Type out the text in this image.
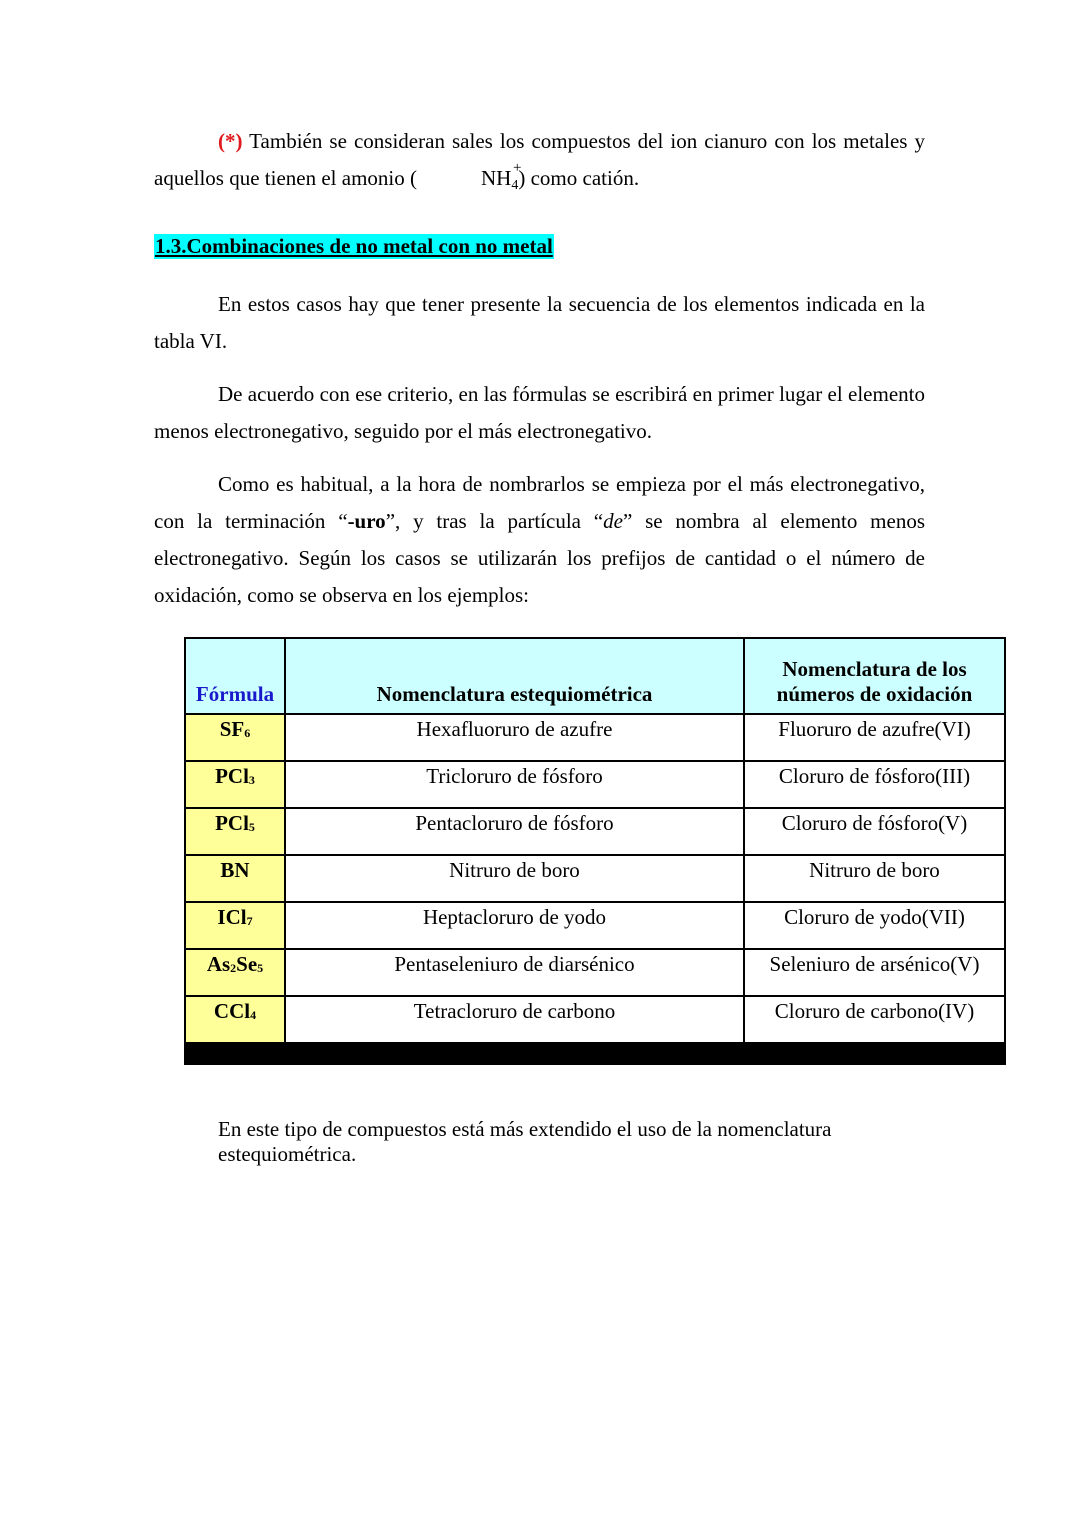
(*) También se consideran sales los compuestos del ion cianuro con los metales y aquellos que tienen el amonio (	$NH_4$
+
) como catión.
1.3.Combinaciones de no metal con no metal
En estos casos hay que tener presente la secuencia de los elementos indicada en la tabla VI.
De acuerdo con ese criterio, en las fórmulas se escribirá en primer lugar el elemento menos electronegativo, seguido por el más electronegativo.
Como es habitual, a la hora de nombrarlos se empieza por el más electronegativo, con la terminación “-uro”, y tras la partícula “de” se nombra al elemento menos electronegativo. Según los casos se utilizarán los prefijos de cantidad o el número de oxidación, como se observa en los ejemplos:
Fórmula	Nomenclatura estequiométrica	Nomenclatura de los números de oxidación
$SF_6$	Hexafluoruro de azufre	Fluoruro de azufre(VI)
PCl$_3$	Tricloruro de fósforo	Cloruro de fósforo(III)
PCl$_5$	Pentacloruro de fósforo	Cloruro de fósforo(V)
BN	Nitruro de boro	Nitruro de boro
ICl$_7$	Heptacloruro de yodo	Cloruro de yodo(VII)
$As_2Se_5$	Pentaseleniuro de diarsénico	Seleniuro de arsénico(V)
CCl$_4$	Tetracloruro de carbono	Cloruro de carbono(IV)

En este tipo de compuestos está más extendido el uso de la nomenclatura estequiométrica.
